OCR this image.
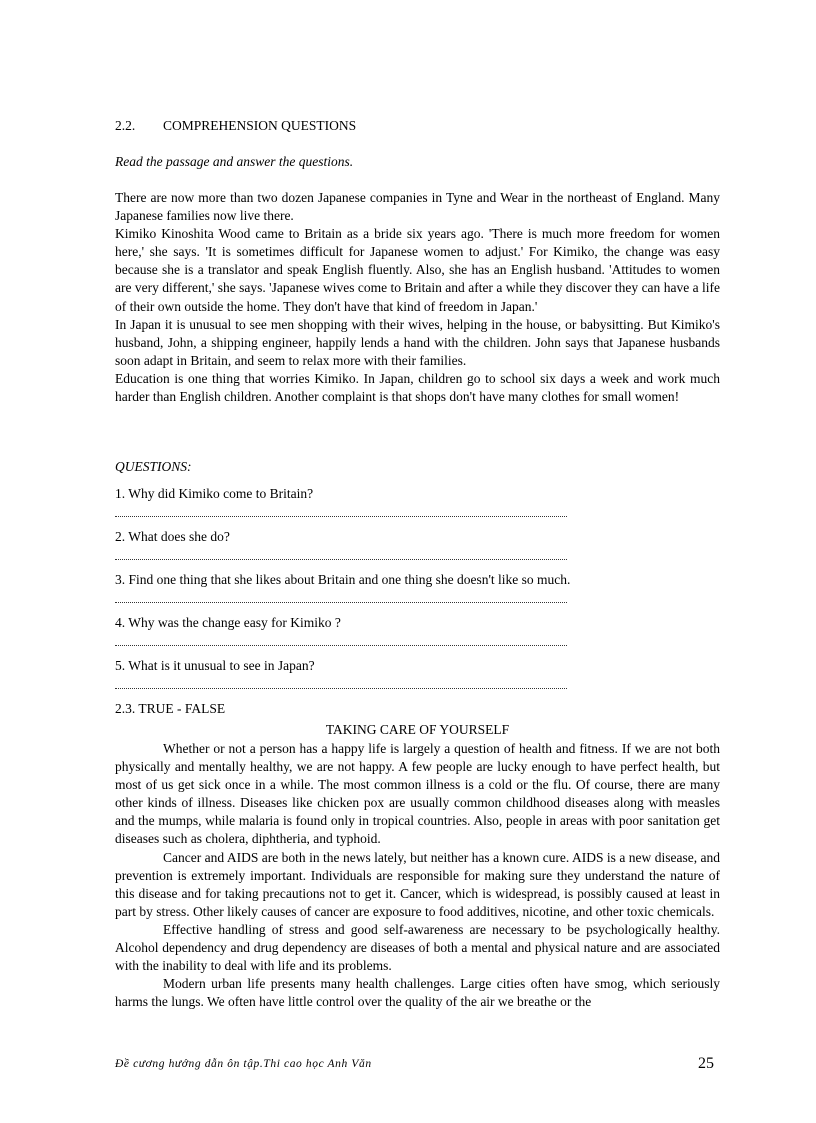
2.2. COMPREHENSION QUESTIONS
Read the passage and answer the questions.

There are now more than two dozen Japanese companies in Tyne and Wear in the northeast of England. Many Japanese families now live there.

Kimiko Kinoshita Wood came to Britain as a bride six years ago. 'There is much more freedom for women here,' she says. 'It is sometimes difficult for Japanese women to adjust.' For Kimiko, the change was easy because she is a translator and speak English fluently. Also, she has an English husband. 'Attitudes to women are very different,' she says. 'Japanese wives come to Britain and after a while they discover they can have a life of their own outside the home. They don't have that kind of freedom in Japan.'

In Japan it is unusual to see men shopping with their wives, helping in the house, or babysitting. But Kimiko's husband, John, a shipping engineer, happily lends a hand with the children. John says that Japanese husbands soon adapt in Britain, and seem to relax more with their families.

Education is one thing that worries Kimiko. In Japan, children go to school six days a week and work much harder than English children. Another complaint is that shops don't have many clothes for small women!

QUESTIONS:
1. Why did Kimiko come to Britain?
2. What does she do?
3. Find one thing that she likes about Britain and one thing she doesn't like so much.
4. Why was the change easy for Kimiko ?
5. What is it unusual to see in Japan?
2.3. TRUE - FALSE
TAKING CARE OF YOURSELF

Whether or not a person has a happy life is largely a question of health and fitness. If we are not both physically and mentally healthy, we are not happy. A few people are lucky enough to have perfect health, but most of us get sick once in a while. The most common illness is a cold or the flu. Of course, there are many other kinds of illness. Diseases like chicken pox are usually common childhood diseases along with measles and the mumps, while malaria is found only in tropical countries. Also, people in areas with poor sanitation get diseases such as cholera, diphtheria, and typhoid.

Cancer and AIDS are both in the news lately, but neither has a known cure. AIDS is a new disease, and prevention is extremely important. Individuals are responsible for making sure they understand the nature of this disease and for taking precautions not to get it. Cancer, which is widespread, is possibly caused at least in part by stress. Other likely causes of cancer are exposure to food additives, nicotine, and other toxic chemicals.

Effective handling of stress and good self-awareness are necessary to be psychologically healthy. Alcohol dependency and drug dependency are diseases of both a mental and physical nature and are associated with the inability to deal with life and its problems.

Modern urban life presents many health challenges. Large cities often have smog, which seriously harms the lungs. We often have little control over the quality of the air we breathe or the

Đề cương hướng dẫn ôn tập.Thi cao học Anh Văn	25
